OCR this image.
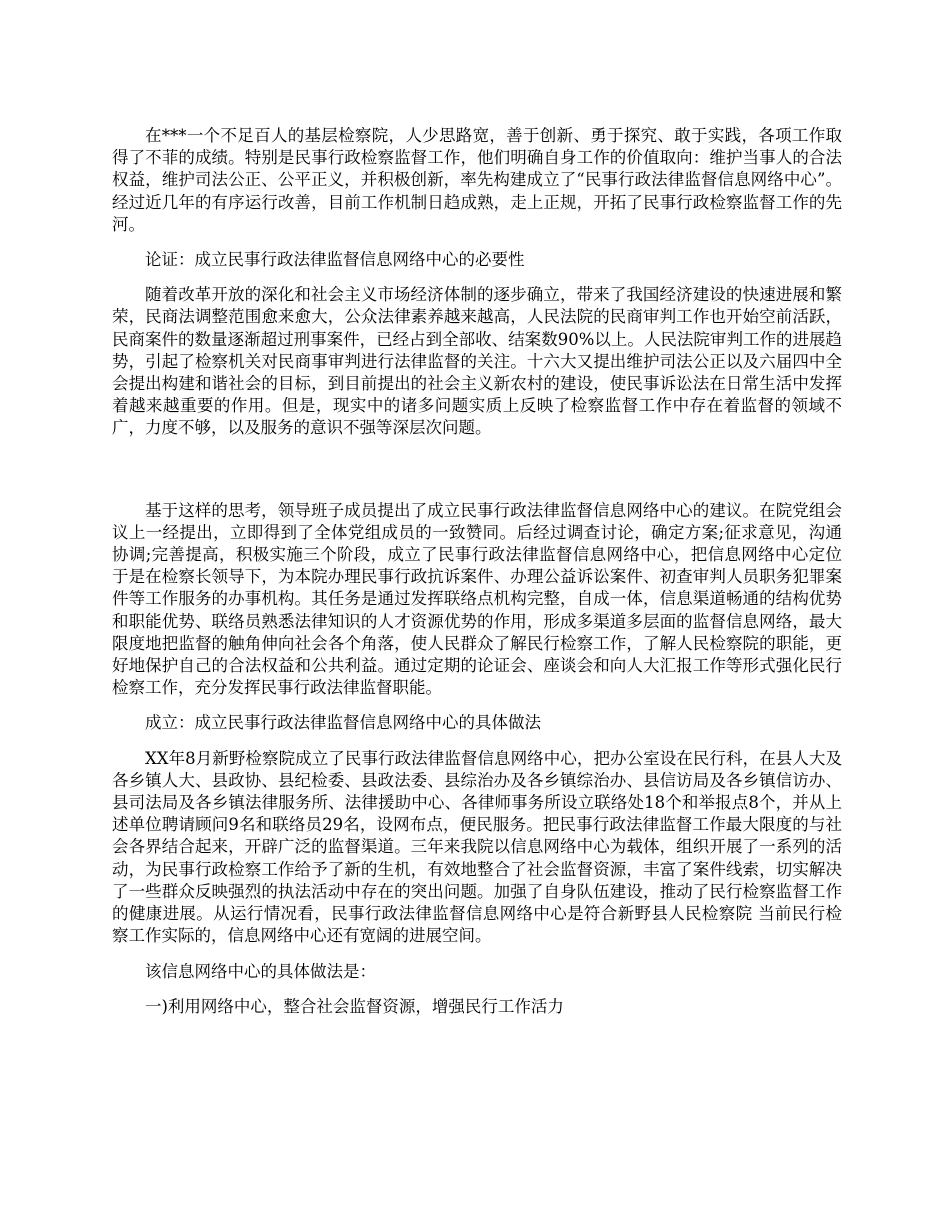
在***一个不足百人的基层检察院，人少思路宽，善于创新、勇于探究、敢于实践，各项工作取得了不菲的成绩。特别是民事行政检察监督工作，他们明确自身工作的价值取向：维护当事人的合法权益，维护司法公正、公平正义，并积极创新，率先构建成立了“民事行政法律监督信息网络中心”。经过近几年的有序运行改善，目前工作机制日趋成熟，走上正规，开拓了民事行政检察监督工作的先河。

论证：成立民事行政法律监督信息网络中心的必要性

随着改革开放的深化和社会主义市场经济体制的逐步确立，带来了我国经济建设的快速进展和繁荣，民商法调整范围愈来愈大，公众法律素养越来越高，人民法院的民商审判工作也开始空前活跃，民商案件的数量逐渐超过刑事案件，已经占到全部收、结案数90%以上。人民法院审判工作的进展趋势，引起了检察机关对民商事审判进行法律监督的关注。十六大又提出维护司法公正以及六届四中全会提出构建和谐社会的目标，到目前提出的社会主义新农村的建设，使民事诉讼法在日常生活中发挥着越来越重要的作用。但是，现实中的诸多问题实质上反映了检察监督工作中存在着监督的领域不广，力度不够，以及服务的意识不强等深层次问题。

基于这样的思考，领导班子成员提出了成立民事行政法律监督信息网络中心的建议。在院党组会议上一经提出，立即得到了全体党组成员的一致赞同。后经过调查讨论，确定方案;征求意见，沟通协调;完善提高，积极实施三个阶段，成立了民事行政法律监督信息网络中心，把信息网络中心定位于是在检察长领导下，为本院办理民事行政抗诉案件、办理公益诉讼案件、初查审判人员职务犯罪案件等工作服务的办事机构。其任务是通过发挥联络点机构完整，自成一体，信息渠道畅通的结构优势和职能优势、联络员熟悉法律知识的人才资源优势的作用，形成多渠道多层面的监督信息网络，最大限度地把监督的触角伸向社会各个角落，使人民群众了解民行检察工作，了解人民检察院的职能，更好地保护自己的合法权益和公共利益。通过定期的论证会、座谈会和向人大汇报工作等形式强化民行检察工作，充分发挥民事行政法律监督职能。

成立：成立民事行政法律监督信息网络中心的具体做法

XX年8月新野检察院成立了民事行政法律监督信息网络中心，把办公室设在民行科，在县人大及各乡镇人大、县政协、县纪检委、县政法委、县综治办及各乡镇综治办、县信访局及各乡镇信访办、县司法局及各乡镇法律服务所、法律援助中心、各律师事务所设立联络处18个和举报点8个，并从上述单位聘请顾问9名和联络员29名，设网布点，便民服务。把民事行政法律监督工作最大限度的与社会各界结合起来，开辟广泛的监督渠道。三年来我院以信息网络中心为载体，组织开展了一系列的活动，为民事行政检察工作给予了新的生机，有效地整合了社会监督资源，丰富了案件线索，切实解决了一些群众反映强烈的执法活动中存在的突出问题。加强了自身队伍建设，推动了民行检察监督工作的健康进展。从运行情况看，民事行政法律监督信息网络中心是符合新野县人民检察院 当前民行检察工作实际的，信息网络中心还有宽阔的进展空间。

该信息网络中心的具体做法是：

一)利用网络中心，整合社会监督资源，增强民行工作活力
